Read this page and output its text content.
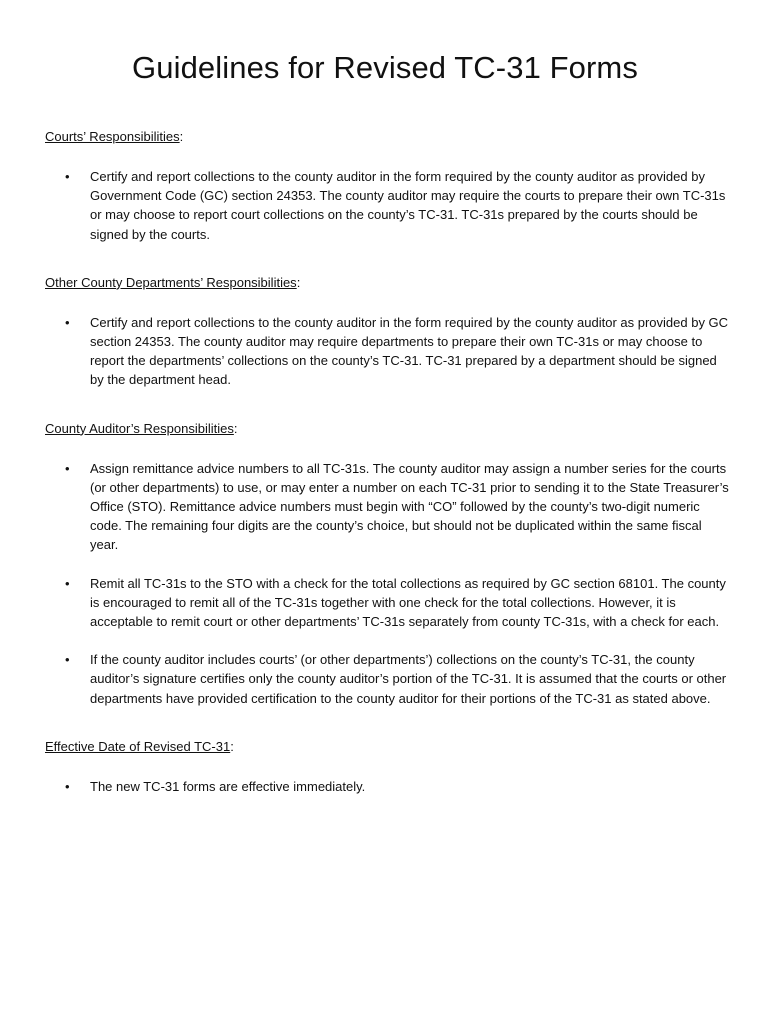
Guidelines for Revised TC-31 Forms

Courts’ Responsibilities:

• Certify and report collections to the county auditor in the form required by the county auditor as provided by Government Code (GC) section 24353. The county auditor may require the courts to prepare their own TC-31s or may choose to report court collections on the county’s TC-31. TC-31s prepared by the courts should be signed by the courts.

Other County Departments’ Responsibilities:

• Certify and report collections to the county auditor in the form required by the county auditor as provided by GC section 24353. The county auditor may require departments to prepare their own TC-31s or may choose to report the departments’ collections on the county’s TC-31. TC-31 prepared by a department should be signed by the department head.

County Auditor’s Responsibilities:

• Assign remittance advice numbers to all TC-31s. The county auditor may assign a number series for the courts (or other departments) to use, or may enter a number on each TC-31 prior to sending it to the State Treasurer’s Office (STO). Remittance advice numbers must begin with “CO” followed by the county’s two-digit numeric code. The remaining four digits are the county’s choice, but should not be duplicated within the same fiscal year.
• Remit all TC-31s to the STO with a check for the total collections as required by GC section 68101. The county is encouraged to remit all of the TC-31s together with one check for the total collections. However, it is acceptable to remit court or other departments’ TC-31s separately from county TC-31s, with a check for each.
• If the county auditor includes courts’ (or other departments’) collections on the county’s TC-31, the county auditor’s signature certifies only the county auditor’s portion of the TC-31. It is assumed that the courts or other departments have provided certification to the county auditor for their portions of the TC-31 as stated above.

Effective Date of Revised TC-31:

• The new TC-31 forms are effective immediately.
